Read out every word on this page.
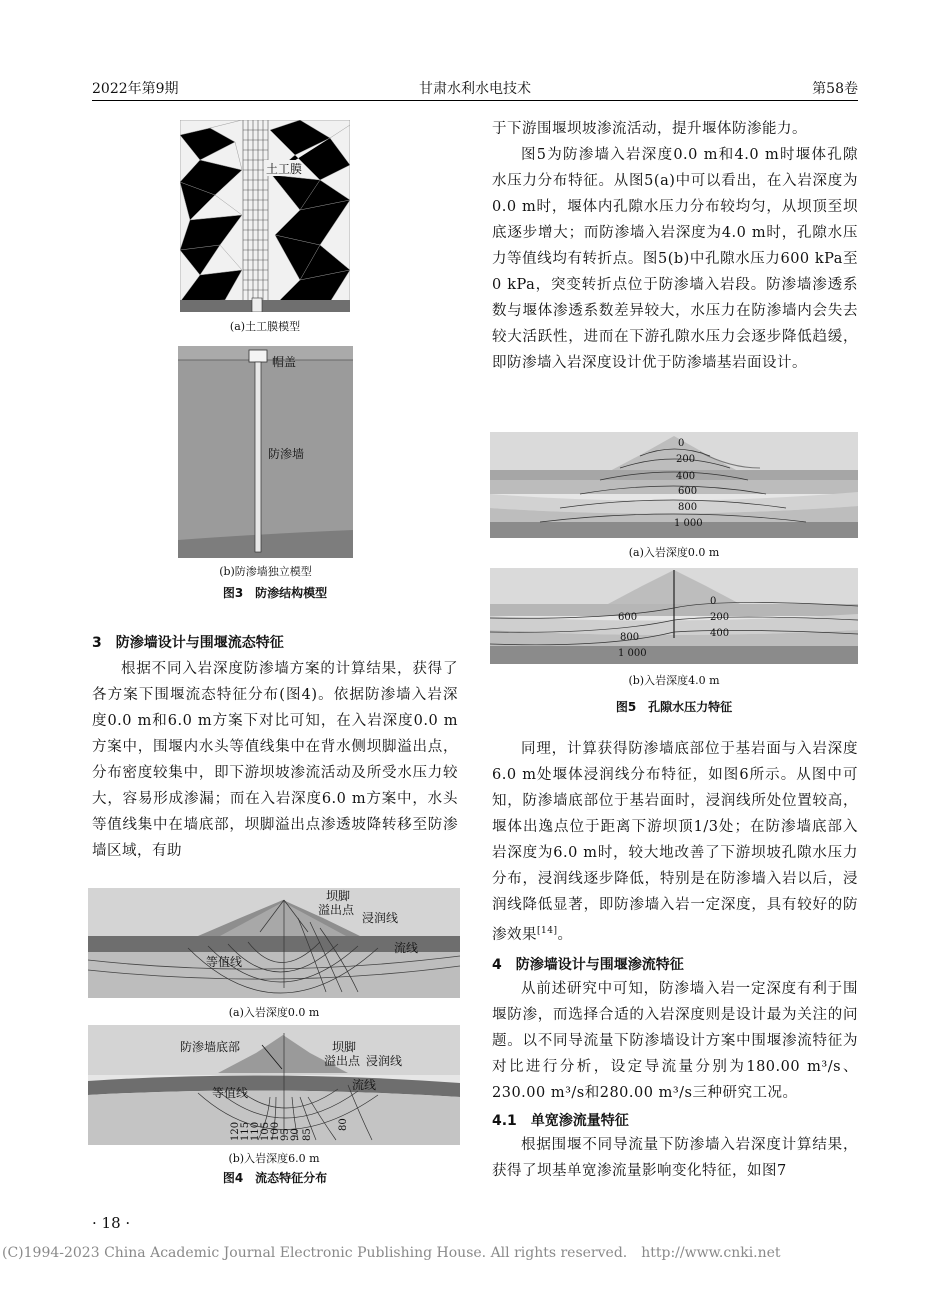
2022年第9期	甘肃水利水电技术	第58卷
土工膜
(a)土工膜模型
帽盖
防渗墙
(b)防渗墙独立模型
图3　防渗结构模型

3　防渗墙设计与围堰流态特征

根据不同入岩深度防渗墙方案的计算结果，获得了各方案下围堰流态特征分布(图4)。依据防渗墙入岩深度0.0 m和6.0 m方案下对比可知，在入岩深度0.0 m方案中，围堰内水头等值线集中在背水侧坝脚溢出点，分布密度较集中，即下游坝坡渗流活动及所受水压力较大，容易形成渗漏；而在入岩深度6.0 m方案中，水头等值线集中在墙底部，坝脚溢出点渗透坡降转移至防渗墙区域，有助

坝脚
溢出点
浸润线
流线
等值线
(a)入岩深度0.0 m
防渗墙底部	坝脚
溢出点 浸润线
流线
等值线
120 115 110 105 100 95 90 85
80
(b)入岩深度6.0 m
图4　流态特征分布

于下游围堰坝坡渗流活动，提升堰体防渗能力。

图5为防渗墙入岩深度0.0 m和4.0 m时堰体孔隙水压力分布特征。从图5(a)中可以看出，在入岩深度为0.0 m时，堰体内孔隙水压力分布较均匀，从坝顶至坝底逐步增大；而防渗墙入岩深度为4.0 m时，孔隙水压力等值线均有转折点。图5(b)中孔隙水压力600 kPa至0 kPa，突变转折点位于防渗墙入岩段。防渗墙渗透系数与堰体渗透系数差异较大，水压力在防渗墙内会失去较大活跃性，进而在下游孔隙水压力会逐步降低趋缓，即防渗墙入岩深度设计优于防渗墙基岩面设计。

0
200
400
600
800
1 000
(a)入岩深度0.0 m
0
200
400
600
800
1 000
(b)入岩深度4.0 m
图5　孔隙水压力特征

同理，计算获得防渗墙底部位于基岩面与入岩深度6.0 m处堰体浸润线分布特征，如图6所示。从图中可知，防渗墙底部位于基岩面时，浸润线所处位置较高，堰体出逸点位于距离下游坝顶1/3处；在防渗墙底部入岩深度为6.0 m时，较大地改善了下游坝坡孔隙水压力分布，浸润线逐步降低，特别是在防渗墙入岩以后，浸润线降低显著，即防渗墙入岩一定深度，具有较好的防渗效果[14]。

4　防渗墙设计与围堰渗流特征

从前述研究中可知，防渗墙入岩一定深度有利于围堰防渗，而选择合适的入岩深度则是设计最为关注的问题。以不同导流量下防渗墙设计方案中围堰渗流特征为对比进行分析，设定导流量分别为180.00 m³/s、230.00 m³/s和280.00 m³/s三种研究工况。

4.1　单宽渗流量特征

根据围堰不同导流量下防渗墙入岩深度计算结果，获得了坝基单宽渗流量影响变化特征，如图7

· 18 ·
(C)1994-2023 China Academic Journal Electronic Publishing House. All rights reserved.　http://www.cnki.net
